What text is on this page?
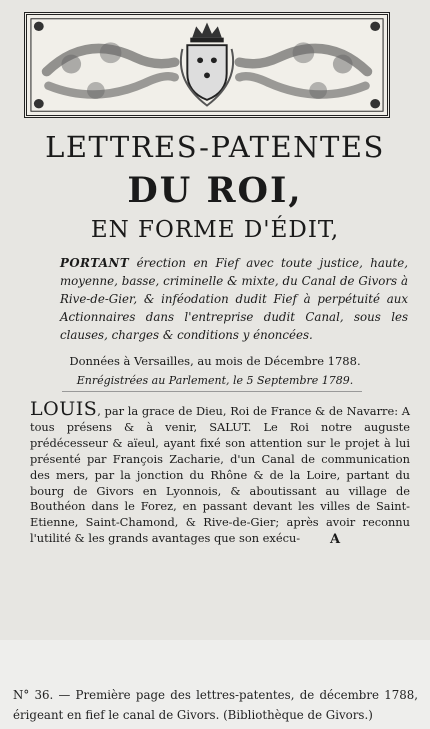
LETTRES-PATENTES
DU ROI,
EN FORME D'ÉDIT,
PORTANT érection en Fief avec toute justice, haute, moyenne, basse, criminelle & mixte, du Canal de Givors à Rive-de-Gier, & inféodation dudit Fief à perpétuité aux Actionnaires dans l'entreprise dudit Canal, sous les clauses, charges & conditions y énoncées.
Données à Versailles, au mois de Décembre 1788.
Enrégistrées au Parlement, le 5 Septembre 1789.
LOUIS, par la grace de Dieu, Roi de France & de Navarre: A tous présens & à venir, SALUT. Le Roi notre auguste prédécesseur & aïeul, ayant fixé son attention sur le projet à lui présenté par François Zacharie, d'un Canal de communication des mers, par la jonction du Rhône & de la Loire, partant du bourg de Givors en Lyonnois, & aboutissant au village de Bouthéon dans le Forez, en passant devant les villes de Saint-Etienne, Saint-Chamond, & Rive-de-Gier; après avoir reconnu l'utilité & les grands avantages que son exécu-	A
N° 36. — Première page des lettres-patentes, de décembre 1788, érigeant en fief le canal de Givors. (Bibliothèque de Givors.)
